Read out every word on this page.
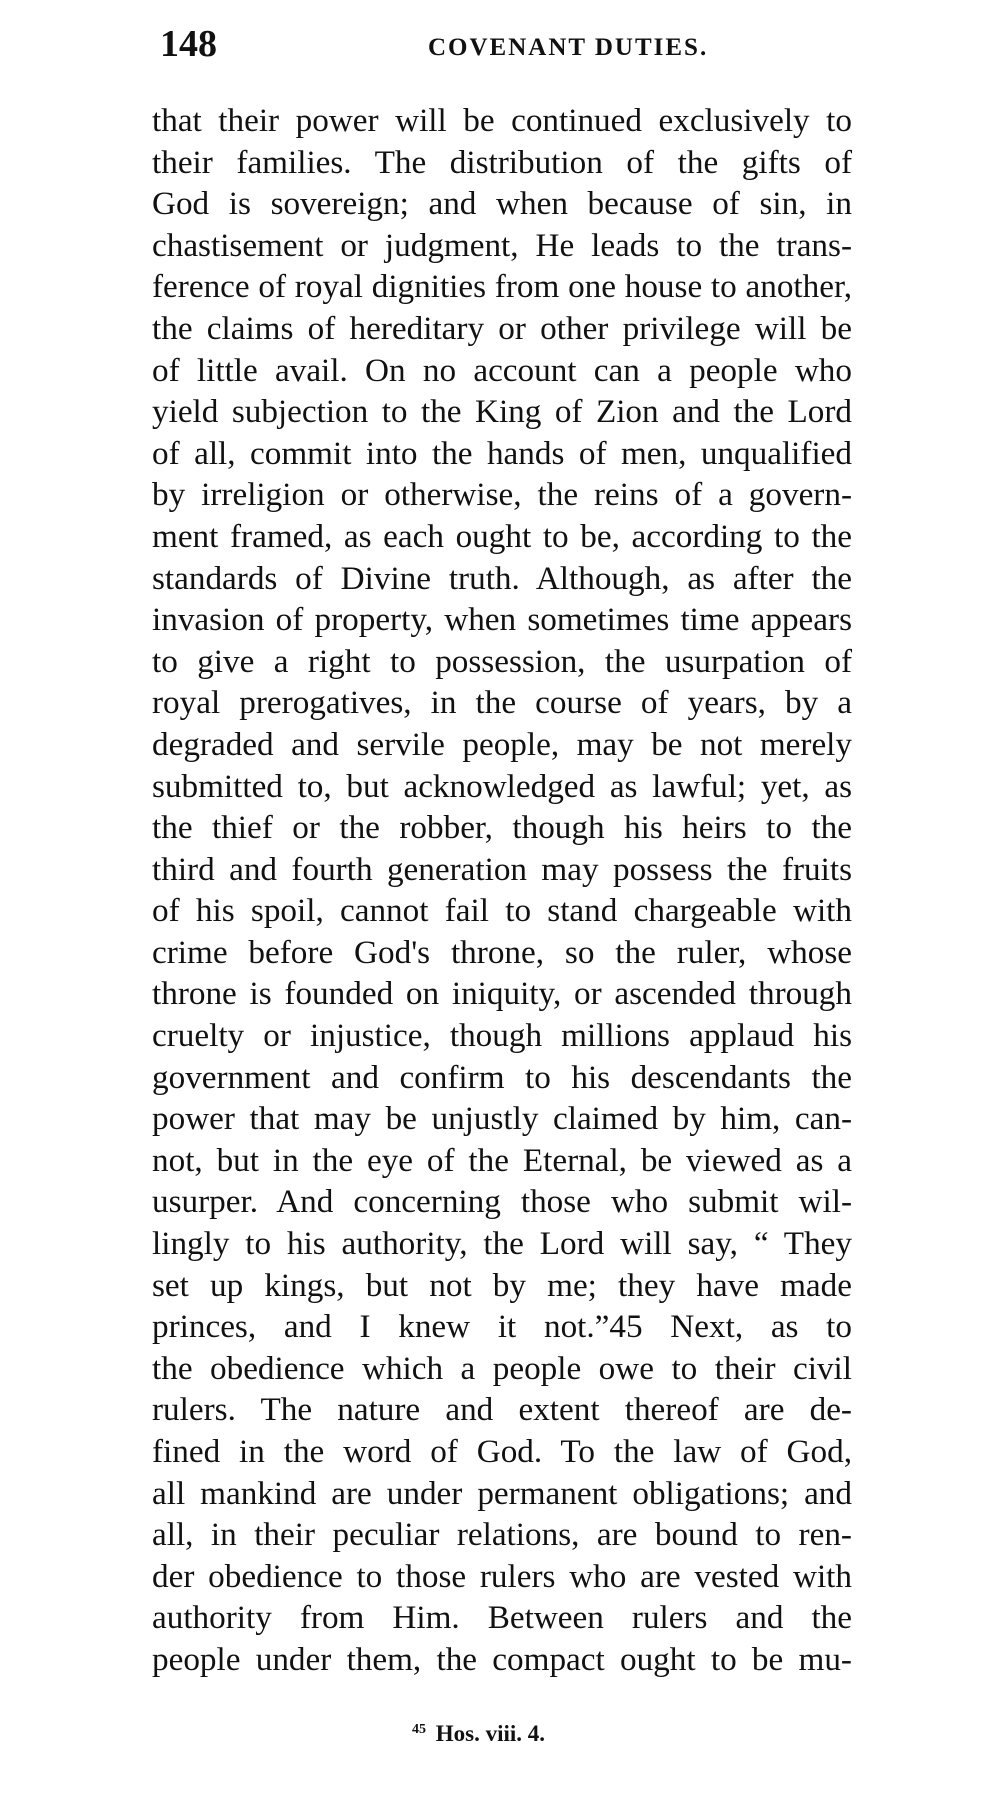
148	COVENANT DUTIES.
that their power will be continued exclusively to
their families. The distribution of the gifts of
God is sovereign; and when because of sin, in
chastisement or judgment, He leads to the trans-
ference of royal dignities from one house to another,
the claims of hereditary or other privilege will be
of little avail. On no account can a people who
yield subjection to the King of Zion and the Lord
of all, commit into the hands of men, unqualified
by irreligion or otherwise, the reins of a govern-
ment framed, as each ought to be, according to the
standards of Divine truth. Although, as after the
invasion of property, when sometimes time appears
to give a right to possession, the usurpation of
royal prerogatives, in the course of years, by a
degraded and servile people, may be not merely
submitted to, but acknowledged as lawful; yet, as
the thief or the robber, though his heirs to the
third and fourth generation may possess the fruits
of his spoil, cannot fail to stand chargeable with
crime before God's throne, so the ruler, whose
throne is founded on iniquity, or ascended through
cruelty or injustice, though millions applaud his
government and confirm to his descendants the
power that may be unjustly claimed by him, can-
not, but in the eye of the Eternal, be viewed as a
usurper. And concerning those who submit wil-
lingly to his authority, the Lord will say, “ They
set up kings, but not by me; they have made
princes, and I knew it not.”45 Next, as to
the obedience which a people owe to their civil
rulers. The nature and extent thereof are de-
fined in the word of God. To the law of God,
all mankind are under permanent obligations; and
all, in their peculiar relations, are bound to ren-
der obedience to those rulers who are vested with
authority from Him. Between rulers and the
people under them, the compact ought to be mu-
$^{45}$ Hos. viii. 4.
